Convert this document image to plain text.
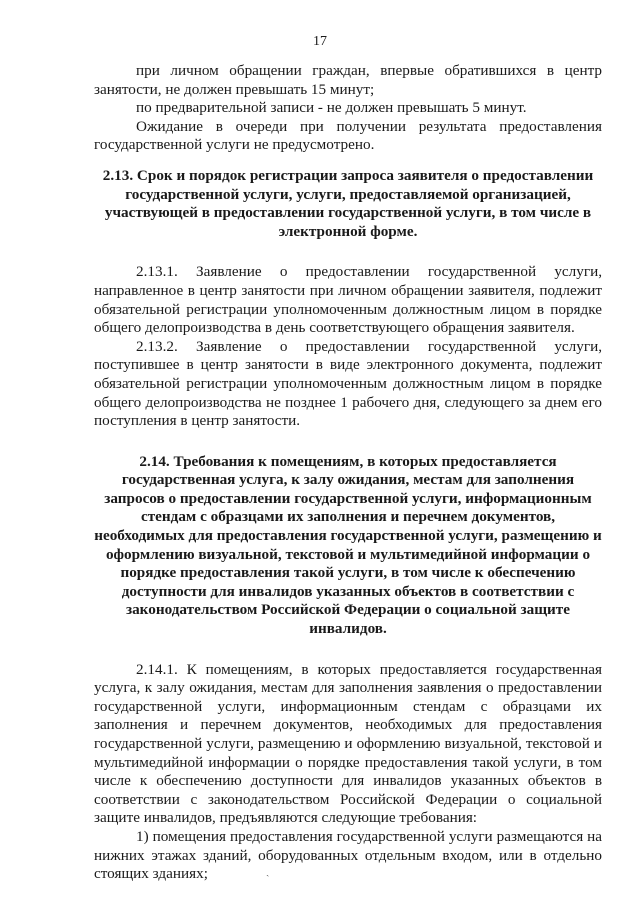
17

при личном обращении граждан, впервые обратившихся в центр занятости, не должен превышать 15 минут;

по предварительной записи - не должен превышать 5 минут.

Ожидание в очереди при получении результата предоставления государственной услуги не предусмотрено.

2.13. Срок и порядок регистрации запроса заявителя о предоставлении государственной услуги, услуги, предоставляемой организацией, участвующей в предоставлении государственной услуги, в том числе в электронной форме.

2.13.1. Заявление о предоставлении государственной услуги, направленное в центр занятости при личном обращении заявителя, подлежит обязательной регистрации уполномоченным должностным лицом в порядке общего делопроизводства в день соответствующего обращения заявителя.

2.13.2. Заявление о предоставлении государственной услуги, поступившее в центр занятости в виде электронного документа, подлежит обязательной регистрации уполномоченным должностным лицом в порядке общего делопроизводства не позднее 1 рабочего дня, следующего за днем его поступления в центр занятости.

2.14. Требования к помещениям, в которых предоставляется государственная услуга, к залу ожидания, местам для заполнения запросов о предоставлении государственной услуги, информационным стендам с образцами их заполнения и перечнем документов, необходимых для предоставления государственной услуги, размещению и оформлению визуальной, текстовой и мультимедийной информации о порядке предоставления такой услуги, в том числе к обеспечению доступности для инвалидов указанных объектов в соответствии с законодательством Российской Федерации о социальной защите инвалидов.

2.14.1. К помещениям, в которых предоставляется государственная услуга, к залу ожидания, местам для заполнения заявления о предоставлении государственной услуги, информационным стендам с образцами их заполнения и перечнем документов, необходимых для предоставления государственной услуги, размещению и оформлению визуальной, текстовой и мультимедийной информации о порядке предоставления такой услуги, в том числе к обеспечению доступности для инвалидов указанных объектов в соответствии с законодательством Российской Федерации о социальной защите инвалидов, предъявляются следующие требования:

1) помещения предоставления государственной услуги размещаются на нижних этажах зданий, оборудованных отдельным входом, или в отдельно стоящих зданиях;	ˏ
